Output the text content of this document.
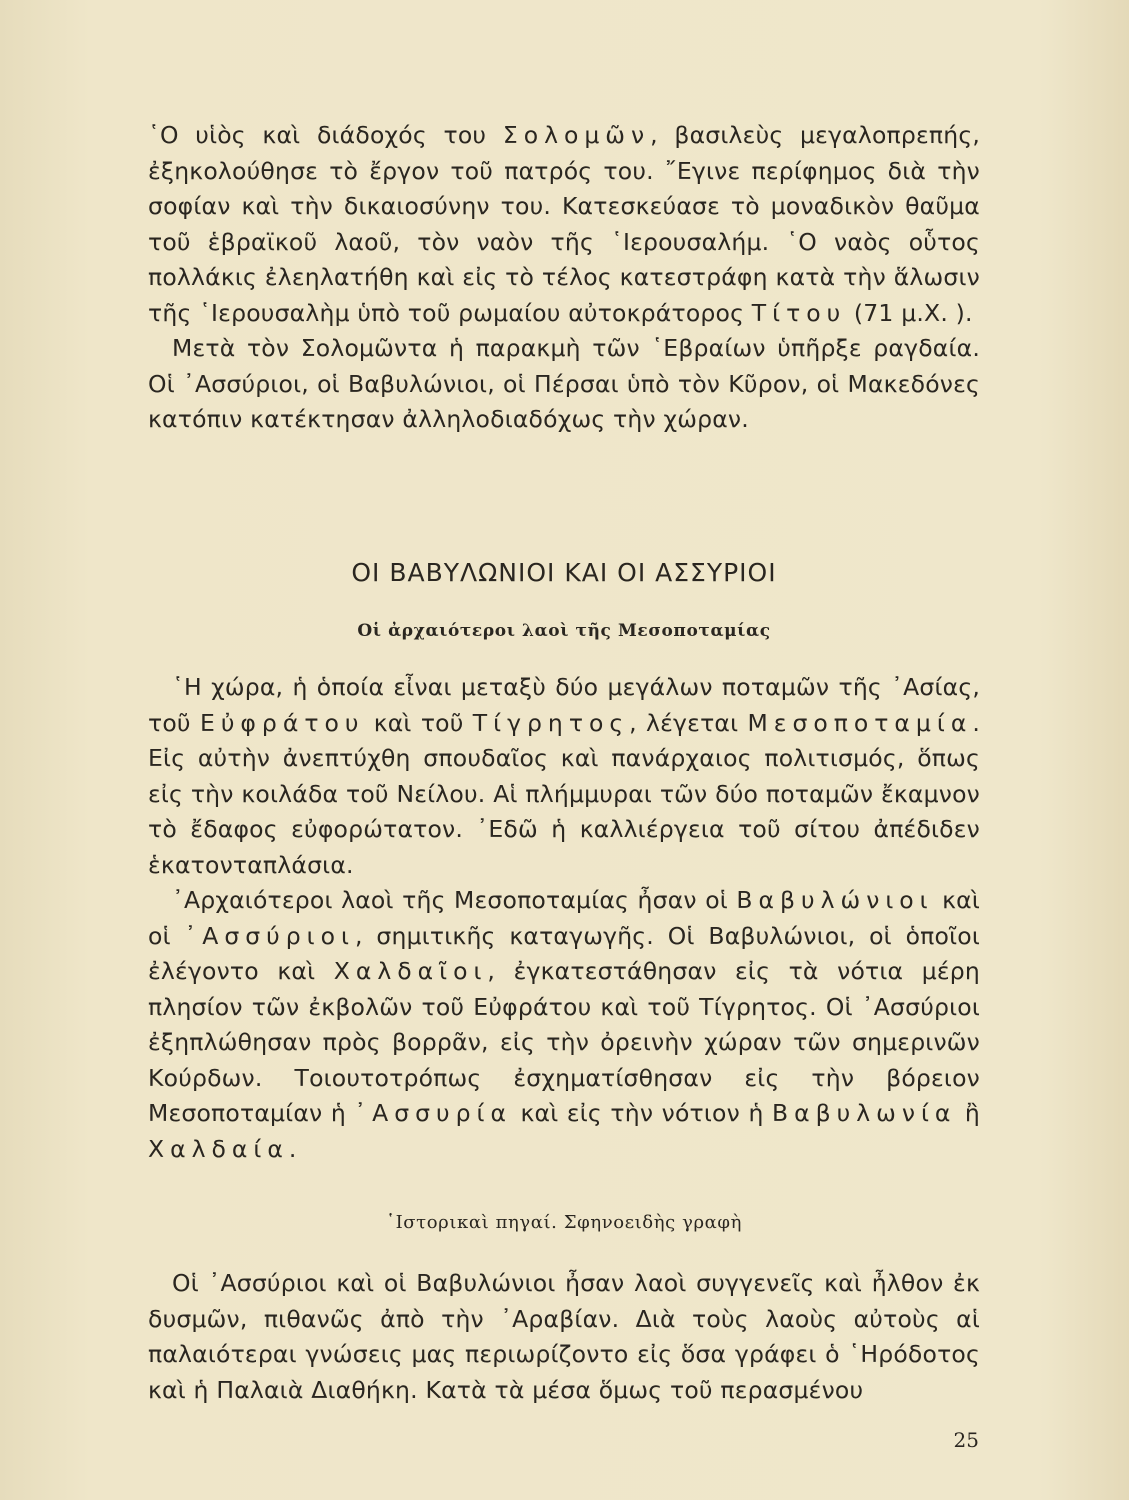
῾Ο υἱὸς καὶ διάδοχός του Σολομῶν, βασιλεὺς μεγαλοπρεπής, ἐξηκολούθησε τὸ ἔργον τοῦ πατρός του. ῎Εγινε περίφημος διὰ τὴν σοφίαν καὶ τὴν δικαιοσύνην του. Κατεσκεύασε τὸ μοναδικὸν θαῦμα τοῦ ἑβραϊκοῦ λαοῦ, τὸν ναὸν τῆς ῾Ιερουσαλήμ. ῾Ο ναὸς οὗτος πολλάκις ἐλεηλατήθη καὶ εἰς τὸ τέλος κατεστράφη κατὰ τὴν ἅλωσιν τῆς ῾Ιερουσαλὴμ ὑπὸ τοῦ ρωμαίου αὐτοκράτορος Τίτου (71 μ.Χ. ).

Μετὰ τὸν Σολομῶντα ἡ παρακμὴ τῶν ῾Εβραίων ὑπῆρξε ραγδαία. Οἱ ᾿Ασσύριοι, οἱ Βαβυλώνιοι, οἱ Πέρσαι ὑπὸ τὸν Κῦρον, οἱ Μακεδόνες κατόπιν κατέκτησαν ἀλληλοδιαδόχως τὴν χώραν.

ΟΙ ΒΑΒΥΛΩΝΙΟΙ ΚΑΙ ΟΙ ΑΣΣΥΡΙΟΙ
Οἱ ἀρχαιότεροι λαοὶ τῆς Μεσοποταμίας

῾Η χώρα, ἡ ὁποία εἶναι μεταξὺ δύο μεγάλων ποταμῶν τῆς ᾿Ασίας, τοῦ Εὐφράτου καὶ τοῦ Τίγρητος, λέγεται Μεσοποταμία. Εἰς αὐτὴν ἀνεπτύχθη σπουδαῖος καὶ πανάρχαιος πολιτισμός, ὅπως εἰς τὴν κοιλάδα τοῦ Νείλου. Αἱ πλήμμυραι τῶν δύο ποταμῶν ἔκαμνον τὸ ἔδαφος εὐφορώτατον. ᾿Εδῶ ἡ καλλιέργεια τοῦ σίτου ἀπέδιδεν ἑκατονταπλάσια.

᾿Αρχαιότεροι λαοὶ τῆς Μεσοποταμίας ἦσαν οἱ Βαβυλώνιοι καὶ οἱ ᾿Ασσύριοι, σημιτικῆς καταγωγῆς. Οἱ Βαβυλώνιοι, οἱ ὁποῖοι ἐλέγοντο καὶ Χαλδαῖοι, ἐγκατεστάθησαν εἰς τὰ νότια μέρη πλησίον τῶν ἐκβολῶν τοῦ Εὐφράτου καὶ τοῦ Τίγρητος. Οἱ ᾿Ασσύριοι ἐξηπλώθησαν πρὸς βορρᾶν, εἰς τὴν ὀρεινὴν χώραν τῶν σημερινῶν Κούρδων. Τοιουτοτρόπως ἐσχηματίσθησαν εἰς τὴν βόρειον Μεσοποταμίαν ἡ ᾿Ασσυρία καὶ εἰς τὴν νότιον ἡ Βαβυλωνία ἢ Χαλδαία.

῾Ιστορικαὶ πηγαί. Σφηνοειδὴς γραφὴ

Οἱ ᾿Ασσύριοι καὶ οἱ Βαβυλώνιοι ἦσαν λαοὶ συγγενεῖς καὶ ἦλθον ἐκ δυσμῶν, πιθανῶς ἀπὸ τὴν ᾿Αραβίαν. Διὰ τοὺς λαοὺς αὐτοὺς αἱ παλαιότεραι γνώσεις μας περιωρίζοντο εἰς ὅσα γράφει ὁ ῾Ηρόδοτος καὶ ἡ Παλαιὰ Διαθήκη. Κατὰ τὰ μέσα ὅμως τοῦ περασμένου

25
